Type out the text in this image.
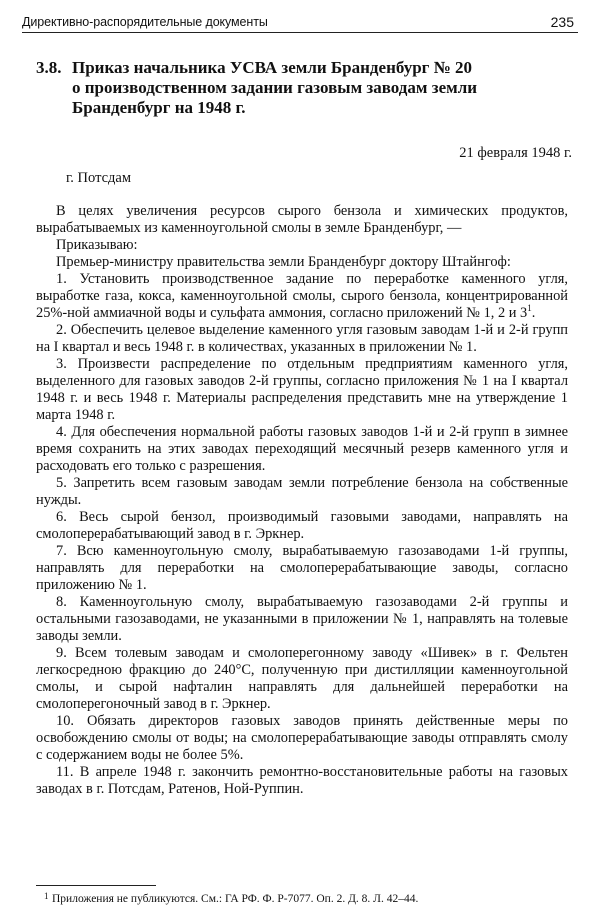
Директивно-распорядительные документы	235
3.8. Приказ начальника УСВА земли Бранденбург № 20
о производственном задании газовым заводам земли
Бранденбург на 1948 г.
21 февраля 1948 г.
г. Потсдам

В целях увеличения ресурсов сырого бензола и химических продуктов, вырабатываемых из каменноугольной смолы в земле Бранденбург, —

Приказываю:

Премьер-министру правительства земли Бранденбург доктору Штайнгоф:

1. Установить производственное задание по переработке каменного угля, выработке газа, кокса, каменноугольной смолы, сырого бензола, концентрированной 25%-ной аммиачной воды и сульфата аммония, согласно приложений № 1, 2 и 3$^1$.

2. Обеспечить целевое выделение каменного угля газовым заводам 1-й и 2-й групп на I квартал и весь 1948 г. в количествах, указанных в приложении № 1.

3. Произвести распределение по отдельным предприятиям каменного угля, выделенного для газовых заводов 2-й группы, согласно приложения № 1 на I квартал 1948 г. и весь 1948 г. Материалы распределения представить мне на утверждение 1 марта 1948 г.

4. Для обеспечения нормальной работы газовых заводов 1-й и 2-й групп в зимнее время сохранить на этих заводах переходящий месячный резерв каменного угля и расходовать его только с разрешения.

5. Запретить всем газовым заводам земли потребление бензола на собственные нужды.

6. Весь сырой бензол, производимый газовыми заводами, направлять на смолоперерабатывающий завод в г. Эркнер.

7. Всю каменноугольную смолу, вырабатываемую газозаводами 1-й группы, направлять для переработки на смолоперерабатывающие заводы, согласно приложению № 1.

8. Каменноугольную смолу, вырабатываемую газозаводами 2-й группы и остальными газозаводами, не указанными в приложении № 1, направлять на толевые заводы земли.

9. Всем толевым заводам и смолоперегонному заводу «Шивек» в г. Фельтен легкосредною фракцию до 240°С, полученную при дистилляции каменноугольной смолы, и сырой нафталин направлять для дальнейшей переработки на смолоперегоночный завод в г. Эркнер.

10. Обязать директоров газовых заводов принять действенные меры по освобождению смолы от воды; на смолоперерабатывающие заводы отправлять смолу с содержанием воды не более 5%.

11. В апреле 1948 г. закончить ремонтно-восстановительные работы на газовых заводах в г. Потсдам, Ратенов, Ной-Руппин.

1 Приложения не публикуются. См.: ГА РФ. Ф. Р-7077. Оп. 2. Д. 8. Л. 42–44.
